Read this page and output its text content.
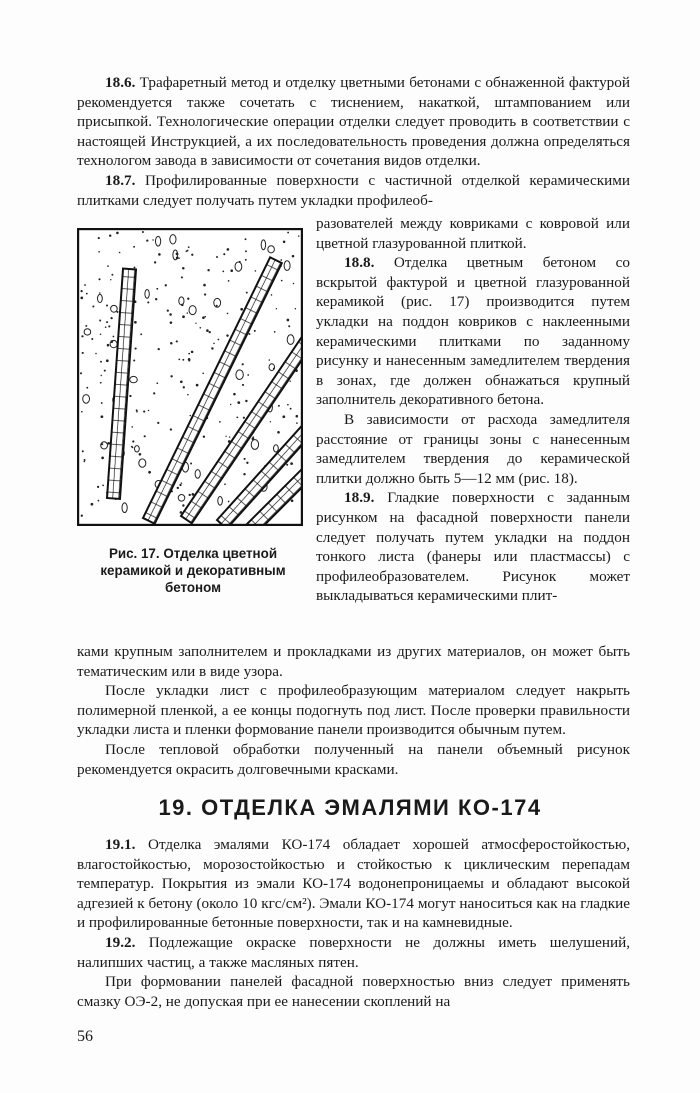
18.6. Трафаретный метод и отделку цветными бетонами с обнаженной фактурой рекомендуется также сочетать с тиснением, накаткой, штампованием или присыпкой. Технологические операции отделки следует проводить в соответствии с настоящей Инструкцией, а их последовательность проведения должна определяться технологом завода в зависимости от сочетания видов отделки.

18.7. Профилированные поверхности с частичной отделкой керамическими плитками следует получать путем укладки профилеоб-

разователей между ковриками с ковровой или цветной глазурованной плиткой.

18.8. Отделка цветным бетоном со вскрытой фактурой и цветной глазурованной керамикой (рис. 17) производится путем укладки на поддон ковриков с наклеенными керамическими плитками по заданному рисунку и нанесенным замедлителем твердения в зонах, где должен обнажаться крупный заполнитель декоративного бетона.

В зависимости от расхода замедлителя расстояние от границы зоны с нанесенным замедлителем твердения до керамической плитки должно быть 5—12 мм (рис. 18).

18.9. Гладкие поверхности с заданным рисунком на фасадной поверхности панели следует получать путем укладки на поддон тонкого листа (фанеры или пластмассы) с профилеобразователем. Рисунок может выкладываться керамическими плит-

Рис. 17. Отделка цветной керамикой и декоративным бетоном

ками крупным заполнителем и прокладками из других материалов, он может быть тематическим или в виде узора.

После укладки лист с профилеобразующим материалом следует накрыть полимерной пленкой, а ее концы подогнуть под лист. После проверки правильности укладки листа и пленки формование панели производится обычным путем.

После тепловой обработки полученный на панели объемный рисунок рекомендуется окрасить долговечными красками.

19. ОТДЕЛКА ЭМАЛЯМИ КО-174

19.1. Отделка эмалями КО-174 обладает хорошей атмосферостойкостью, влагостойкостью, морозостойкостью и стойкостью к циклическим перепадам температур. Покрытия из эмали КО-174 водонепроницаемы и обладают высокой адгезией к бетону (около 10 кгс/см²). Эмали КО-174 могут наноситься как на гладкие и профилированные бетонные поверхности, так и на камневидные.

19.2. Подлежащие окраске поверхности не должны иметь шелушений, налипших частиц, а также масляных пятен.

При формовании панелей фасадной поверхностью вниз следует применять смазку ОЭ-2, не допуская при ее нанесении скоплений на

56
